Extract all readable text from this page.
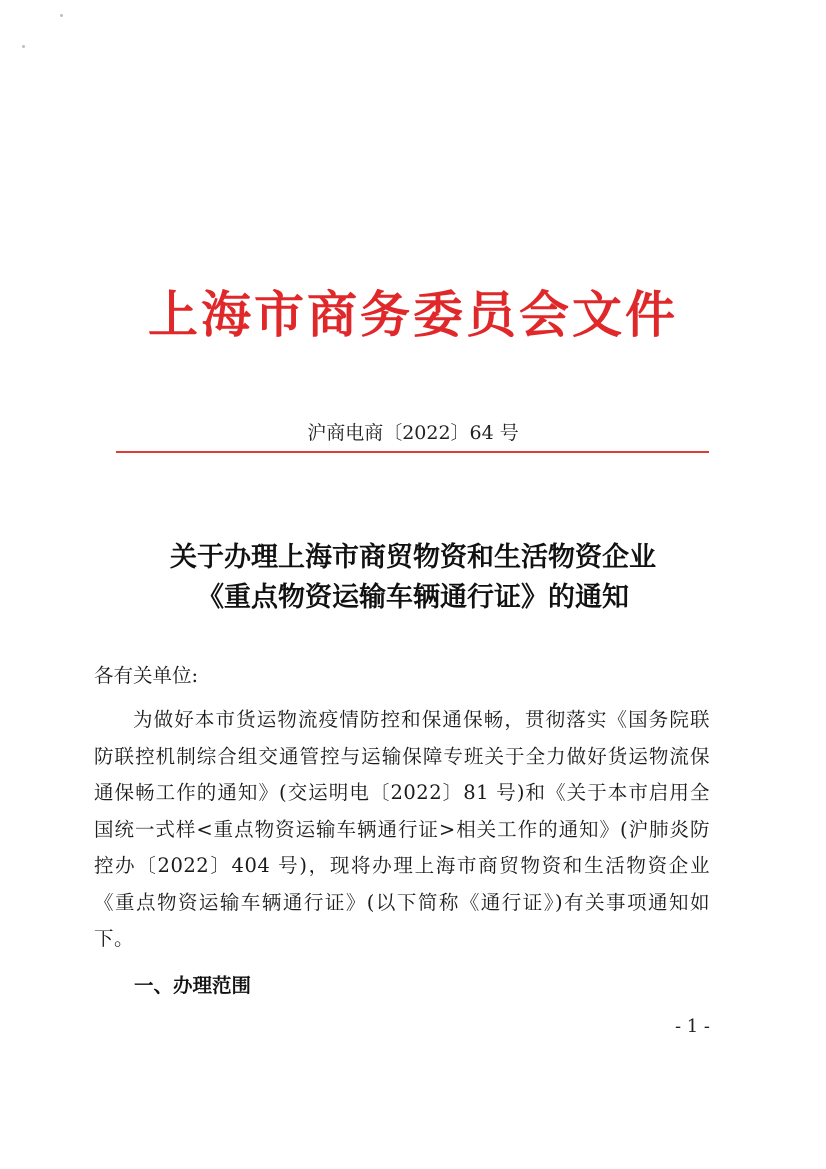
上海市商务委员会文件
沪商电商〔2022〕64 号
关于办理上海市商贸物资和生活物资企业
《重点物资运输车辆通行证》的通知
各有关单位:
为做好本市货运物流疫情防控和保通保畅，贯彻落实《国务院联防联控机制综合组交通管控与运输保障专班关于全力做好货运物流保通保畅工作的通知》(交运明电〔2022〕81 号)和《关于本市启用全国统一式样<重点物资运输车辆通行证>相关工作的通知》(沪肺炎防控办〔2022〕404 号)，现将办理上海市商贸物资和生活物资企业《重点物资运输车辆通行证》(以下简称《通行证》)有关事项通知如下。
一、办理范围
- 1 -
